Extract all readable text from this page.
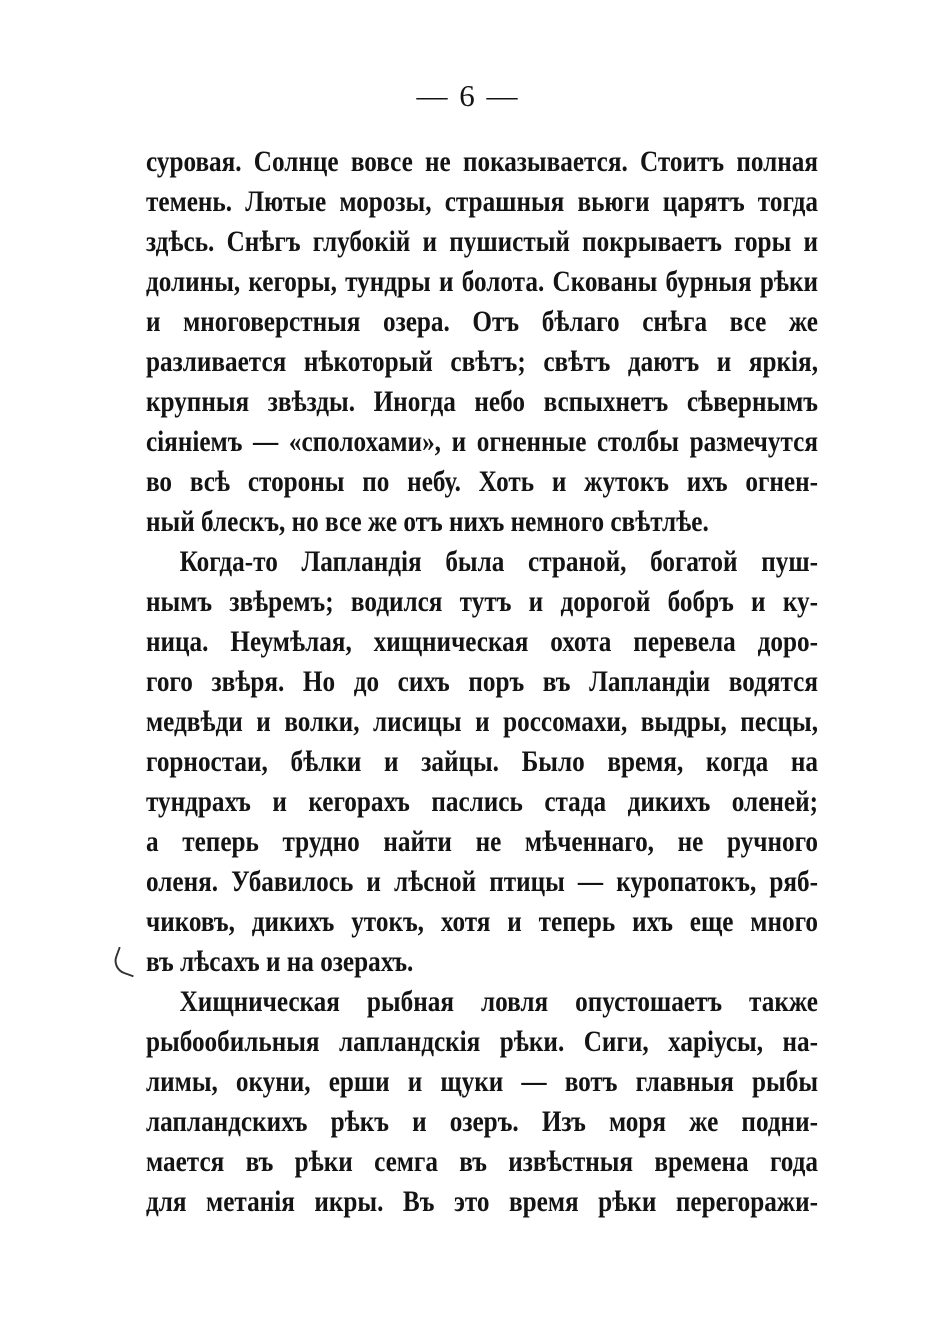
— 6 —
суровая. Солнце вовсе не показывается. Стоитъ полная
темень. Лютые морозы, страшныя вьюги царятъ тогда
здѣсь. Снѣгъ глубокій и пушистый покрываетъ горы и
долины, кегоры, тундры и болота. Скованы бурныя рѣки
и многоверстныя озера. Отъ бѣлаго снѣга все же
разливается нѣкоторый свѣтъ; свѣтъ даютъ и яркія,
крупныя звѣзды. Иногда небо вспыхнетъ сѣвернымъ
сіяніемъ — «сполохами», и огненные столбы размечутся
во всѣ стороны по небу. Хоть и жутокъ ихъ огнен-
ный блескъ, но все же отъ нихъ немного свѣтлѣе.
Когда-то Лапландія была страной, богатой пуш-
нымъ звѣремъ; водился тутъ и дорогой бобръ и ку-
ница. Неумѣлая, хищническая охота перевела доро-
гого звѣря. Но до сихъ поръ въ Лапландіи водятся
медвѣди и волки, лисицы и россомахи, выдры, песцы,
горностаи, бѣлки и зайцы. Было время, когда на
тундрахъ и кегорахъ паслись стада дикихъ оленей;
а теперь трудно найти не мѣченнаго, не ручного
оленя. Убавилось и лѣсной птицы — куропатокъ, ряб-
чиковъ, дикихъ утокъ, хотя и теперь ихъ еще много
въ лѣсахъ и на озерахъ.
Хищническая рыбная ловля опустошаетъ также
рыбообильныя лапландскія рѣки. Сиги, харіусы, на-
лимы, окуни, ерши и щуки — вотъ главныя рыбы
лапландскихъ рѣкъ и озеръ. Изъ моря же подни-
мается въ рѣки семга въ извѣстныя времена года
для метанія икры. Въ это время рѣки перегоражи-
